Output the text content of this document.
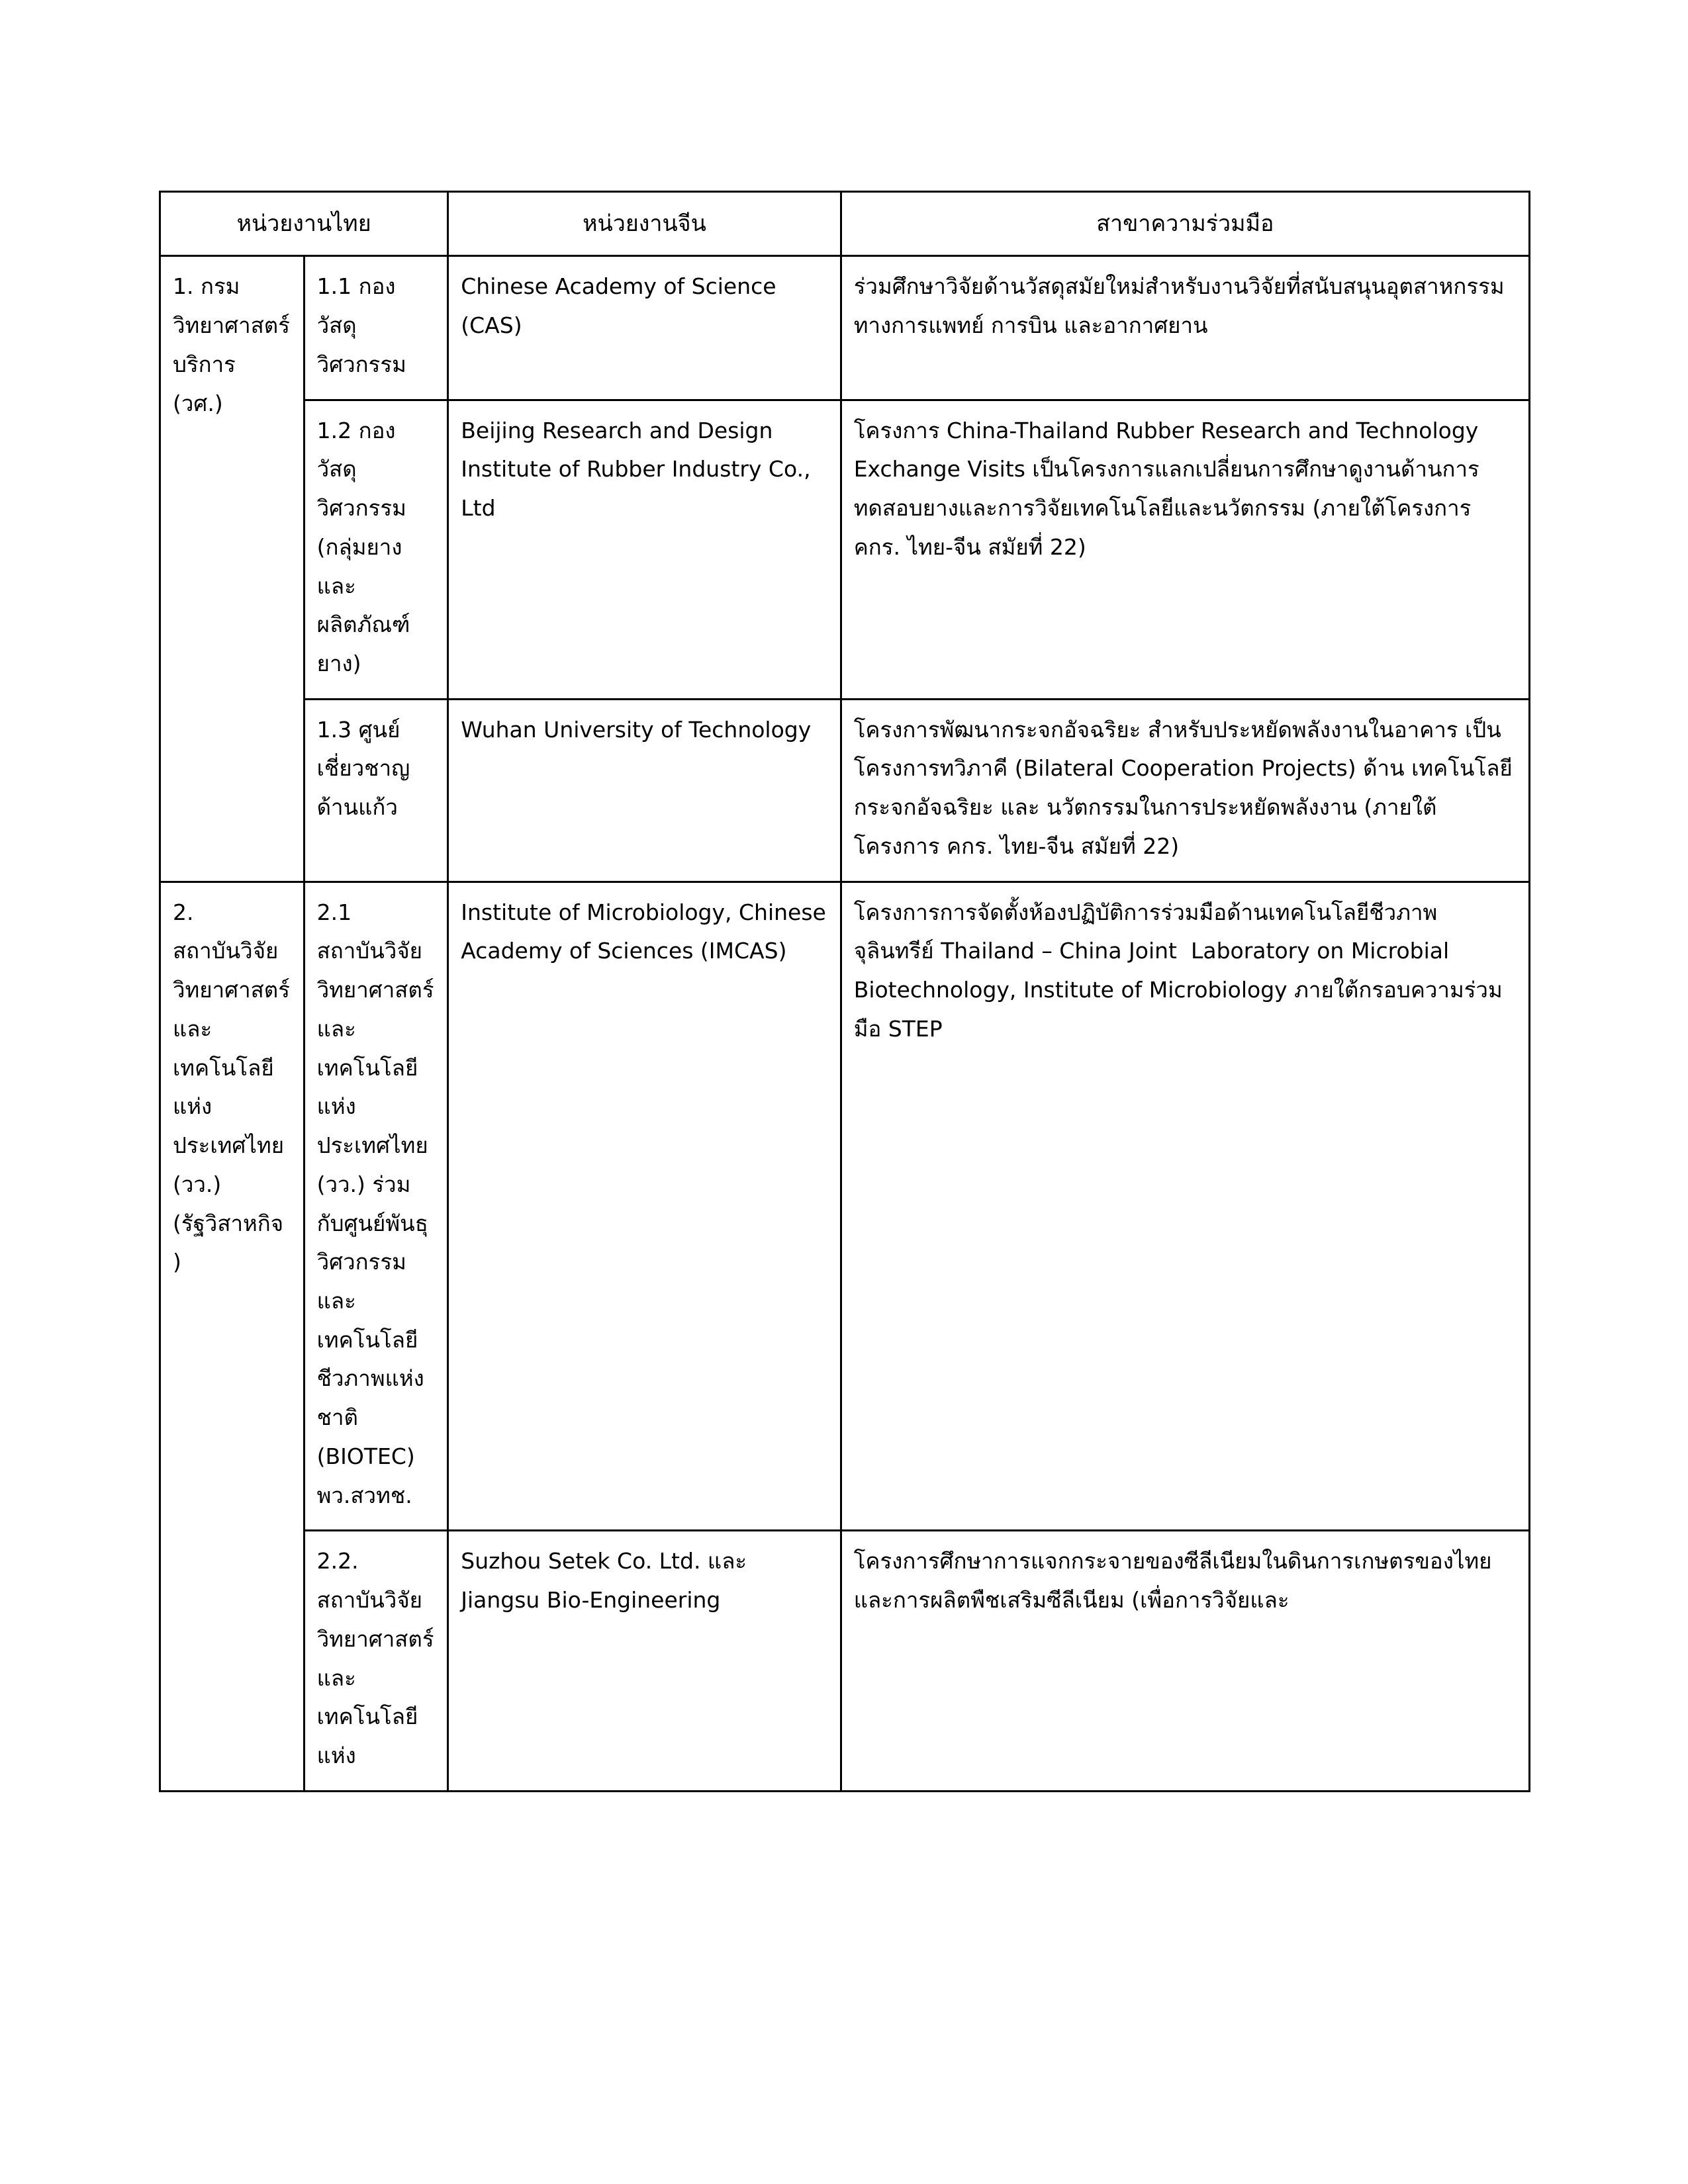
หน่วยงานไทย		หน่วยงานจีน	สาขาความร่วมมือ

1. กรม วิทยาศาสตร์ บริการ (วศ.)	1.1 กองวัสดุ วิศวกรรม	Chinese Academy of Science (CAS)	ร่วมศึกษาวิจัยด้านวัสดุสมัยใหม่สำหรับงานวิจัยที่สนับสนุนอุตสาหกรรมทางการแพทย์ การบิน และอากาศยาน

	1.2 กองวัสดุวิศวกรรม (กลุ่มยางและผลิตภัณฑ์ยาง)	Beijing Research and Design Institute of Rubber Industry Co., Ltd	โครงการ China-Thailand Rubber Research and Technology Exchange Visits เป็นโครงการแลกเปลี่ยนการศึกษาดูงานด้านการทดสอบยางและการวิจัยเทคโนโลยีและนวัตกรรม (ภายใต้โครงการ คกร. ไทย-จีน สมัยที่ 22)

	1.3 ศูนย์เชี่ยวชาญด้านแก้ว	Wuhan University of Technology	โครงการพัฒนากระจกอัจฉริยะ สำหรับประหยัดพลังงานในอาคาร เป็นโครงการทวิภาคี (Bilateral Cooperation Projects) ด้าน เทคโนโลยีกระจกอัจฉริยะ และ นวัตกรรมในการประหยัดพลังงาน (ภายใต้โครงการ คกร. ไทย-จีน สมัยที่ 22)

2. สถาบันวิจัยวิทยาศาสตร์และเทคโนโลยีแห่ง ประเทศไทย (วว.) (รัฐวิสาหกิจ)	2.1 สถาบันวิจัยวิทยาศาสตร์ และเทคโนโลยีแห่งประเทศไทย (วว.) ร่วมกับศูนย์พันธุวิศวกรรมและเทคโนโลยีชีวภาพแห่งชาติ (BIOTEC) พว.สวทช.	Institute of Microbiology, Chinese Academy of Sciences (IMCAS)	โครงการการจัดตั้งห้องปฏิบัติการร่วมมือด้านเทคโนโลยีชีวภาพจุลินทรีย์ Thailand – China Joint  Laboratory on Microbial Biotechnology, Institute of Microbiology ภายใต้กรอบความร่วมมือ STEP

	2.2. สถาบันวิจัยวิทยาศาสตร์และเทคโนโลยีแห่ง	Suzhou Setek Co. Ltd. และ Jiangsu Bio-Engineering	โครงการศึกษาการแจกกระจายของซีลีเนียมในดินการเกษตรของไทย และการผลิตพืชเสริมซีลีเนียม (เพื่อการวิจัยและ
